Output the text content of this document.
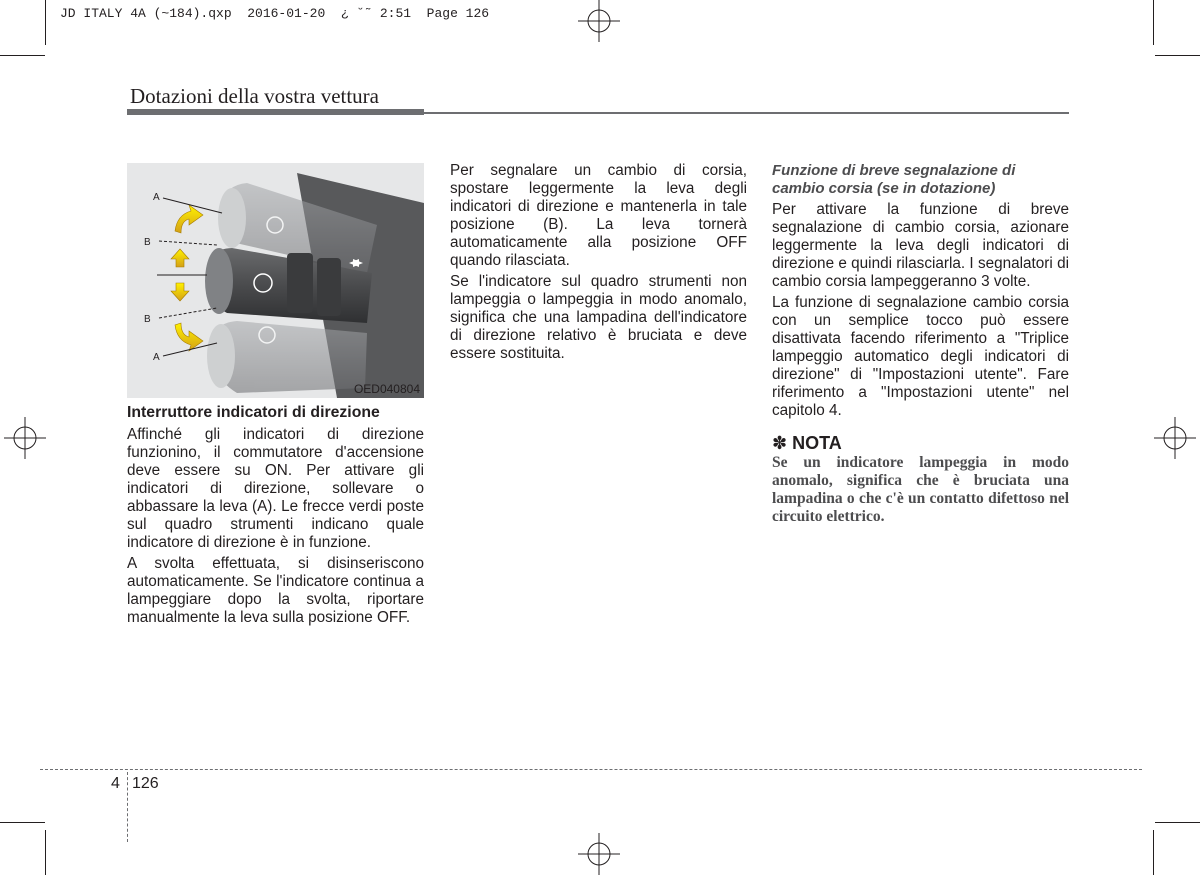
JD ITALY 4A (~184).qxp  2016-01-20  ¿ ˘˜ 2:51  Page 126
Dotazioni della vostra vettura
A
B
B
A
OED040804

Interruttore indicatori di direzione

Affinché gli indicatori di direzione funzionino, il commutatore d'accensione deve essere su ON. Per attivare gli indicatori di direzione, sollevare o abbassare la leva (A). Le frecce verdi poste sul quadro strumenti indicano quale indicatore di direzione è in funzione.

A svolta effettuata, si disinseriscono automaticamente. Se l'indicatore continua a lampeggiare dopo la svolta, riportare manualmente la leva sulla posizione OFF.

Per segnalare un cambio di corsia, spostare leggermente la leva degli indicatori di direzione e mantenerla in tale posizione (B). La leva tornerà automaticamente alla posizione OFF quando rilasciata.

Se l'indicatore sul quadro strumenti non lampeggia o lampeggia in modo anomalo, significa che una lampadina dell'indicatore di direzione relativo è bruciata e deve essere sostituita.

Funzione di breve segnalazione di cambio corsia (se in dotazione)

Per attivare la funzione di breve segnalazione di cambio corsia, azionare leggermente la leva degli indicatori di direzione e quindi rilasciarla. I segnalatori di cambio corsia lampeggeranno 3 volte.

La funzione di segnalazione cambio corsia con un semplice tocco può essere disattivata facendo riferimento a "Triplice lampeggio automatico degli indicatori di direzione" di "Impostazioni utente". Fare riferimento a "Impostazioni utente" nel capitolo 4.

✽ NOTA

Se un indicatore lampeggia in modo anomalo, significa che è bruciata una lampadina o che c'è un contatto difettoso nel circuito elettrico.

4 126
